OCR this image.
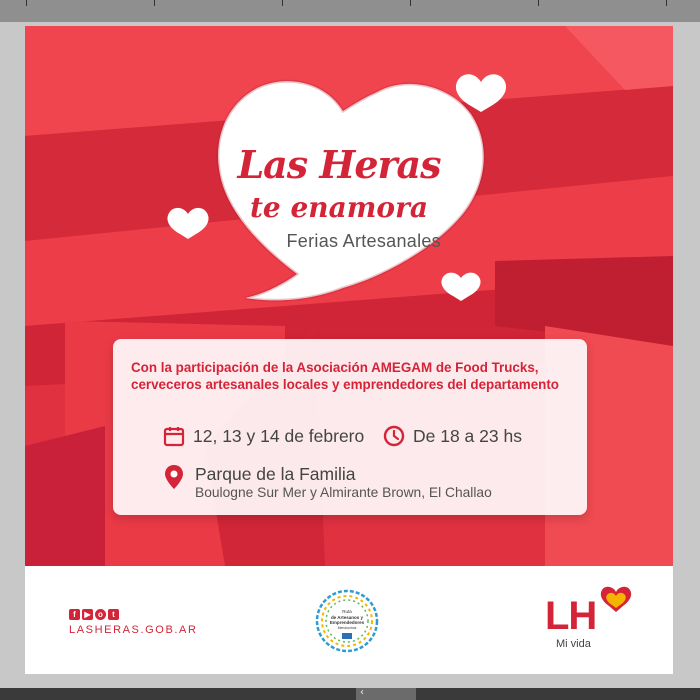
Las Heras
te enamora
Ferias Artesanales
Con la participación de la Asociación AMEGAM de Food Trucks, cerveceros artesanales locales y emprendedores del departamento
12, 13 y 14 de febrero	De 18 a 23 hs
Parque de la Familia
Boulogne Sur Mer y Almirante Brown, El Challao
f	▶ o	t
LASHERAS.GOB.AR
Ruta
de Artesanos y
Emprendedores
Mendocinos	LH
Mi vida
‹
